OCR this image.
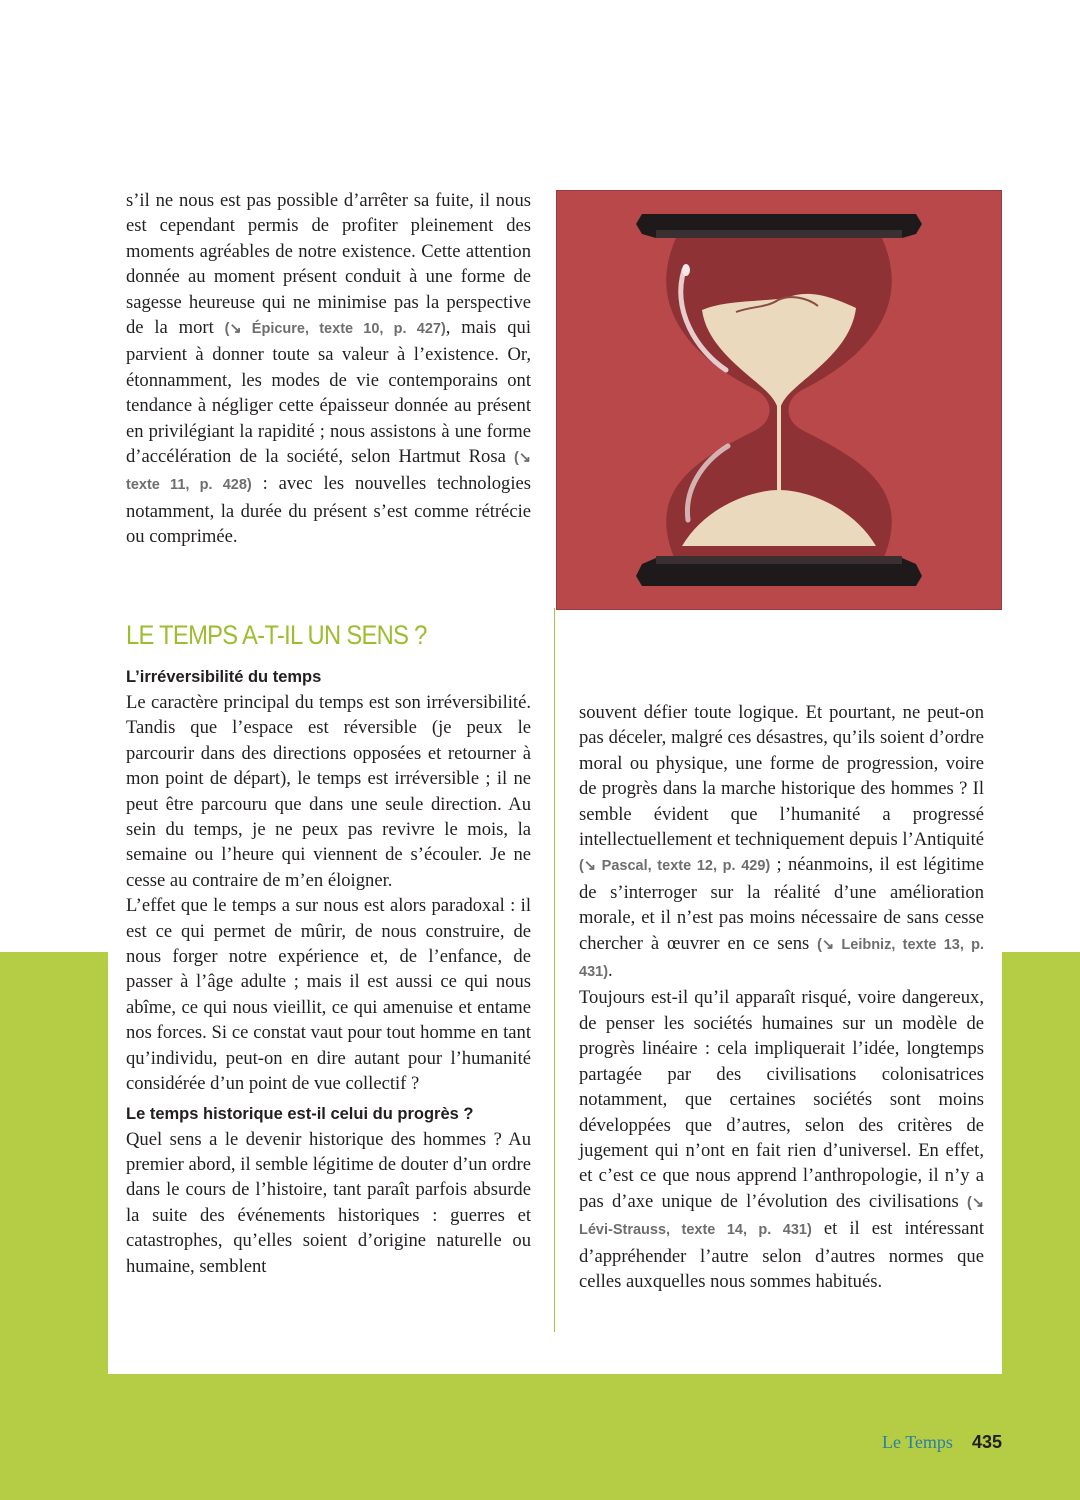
s’il ne nous est pas possible d’arrêter sa fuite, il nous est cependant permis de profiter pleinement des moments agréables de notre existence. Cette attention donnée au moment présent conduit à une forme de sagesse heureuse qui ne minimise pas la perspective de la mort (↘ Épicure, texte 10, p. 427), mais qui parvient à donner toute sa valeur à l’existence. Or, étonnamment, les modes de vie contemporains ont tendance à négliger cette épaisseur donnée au présent en privilégiant la rapidité ; nous assistons à une forme d’accélération de la société, selon Hartmut Rosa (↘ texte 11, p. 428) : avec les nouvelles technologies notamment, la durée du présent s’est comme rétrécie ou comprimée.

LE TEMPS A-T-IL UN SENS ?
L’irréversibilité du temps

Le caractère principal du temps est son irréversibilité. Tandis que l’espace est réversible (je peux le parcourir dans des directions opposées et retourner à mon point de départ), le temps est irréversible ; il ne peut être parcouru que dans une seule direction. Au sein du temps, je ne peux pas revivre le mois, la semaine ou l’heure qui viennent de s’écouler. Je ne cesse au contraire de m’en éloigner.

L’effet que le temps a sur nous est alors paradoxal : il est ce qui permet de mûrir, de nous construire, de nous forger notre expérience et, de l’enfance, de passer à l’âge adulte ; mais il est aussi ce qui nous abîme, ce qui nous vieillit, ce qui amenuise et entame nos forces. Si ce constat vaut pour tout homme en tant qu’individu, peut-on en dire autant pour l’humanité considérée d’un point de vue collectif ?

Le temps historique est-il celui du progrès ?

Quel sens a le devenir historique des hommes ? Au premier abord, il semble légitime de douter d’un ordre dans le cours de l’histoire, tant paraît parfois absurde la suite des événements historiques : guerres et catastrophes, qu’elles soient d’origine naturelle ou humaine, semblent

souvent défier toute logique. Et pourtant, ne peut-on pas déceler, malgré ces désastres, qu’ils soient d’ordre moral ou physique, une forme de progression, voire de progrès dans la marche historique des hommes ? Il semble évident que l’humanité a progressé intellectuellement et techniquement depuis l’Antiquité (↘ Pascal, texte 12, p. 429) ; néanmoins, il est légitime de s’interroger sur la réalité d’une amélioration morale, et il n’est pas moins nécessaire de sans cesse chercher à œuvrer en ce sens (↘ Leibniz, texte 13, p. 431).

Toujours est-il qu’il apparaît risqué, voire dangereux, de penser les sociétés humaines sur un modèle de progrès linéaire : cela impliquerait l’idée, longtemps partagée par des civilisations colonisatrices notamment, que certaines sociétés sont moins développées que d’autres, selon des critères de jugement qui n’ont en fait rien d’universel. En effet, et c’est ce que nous apprend l’anthropologie, il n’y a pas d’axe unique de l’évolution des civilisations (↘ Lévi-Strauss, texte 14, p. 431) et il est intéressant d’appréhender l’autre selon d’autres normes que celles auxquelles nous sommes habitués.

Le Temps 435
